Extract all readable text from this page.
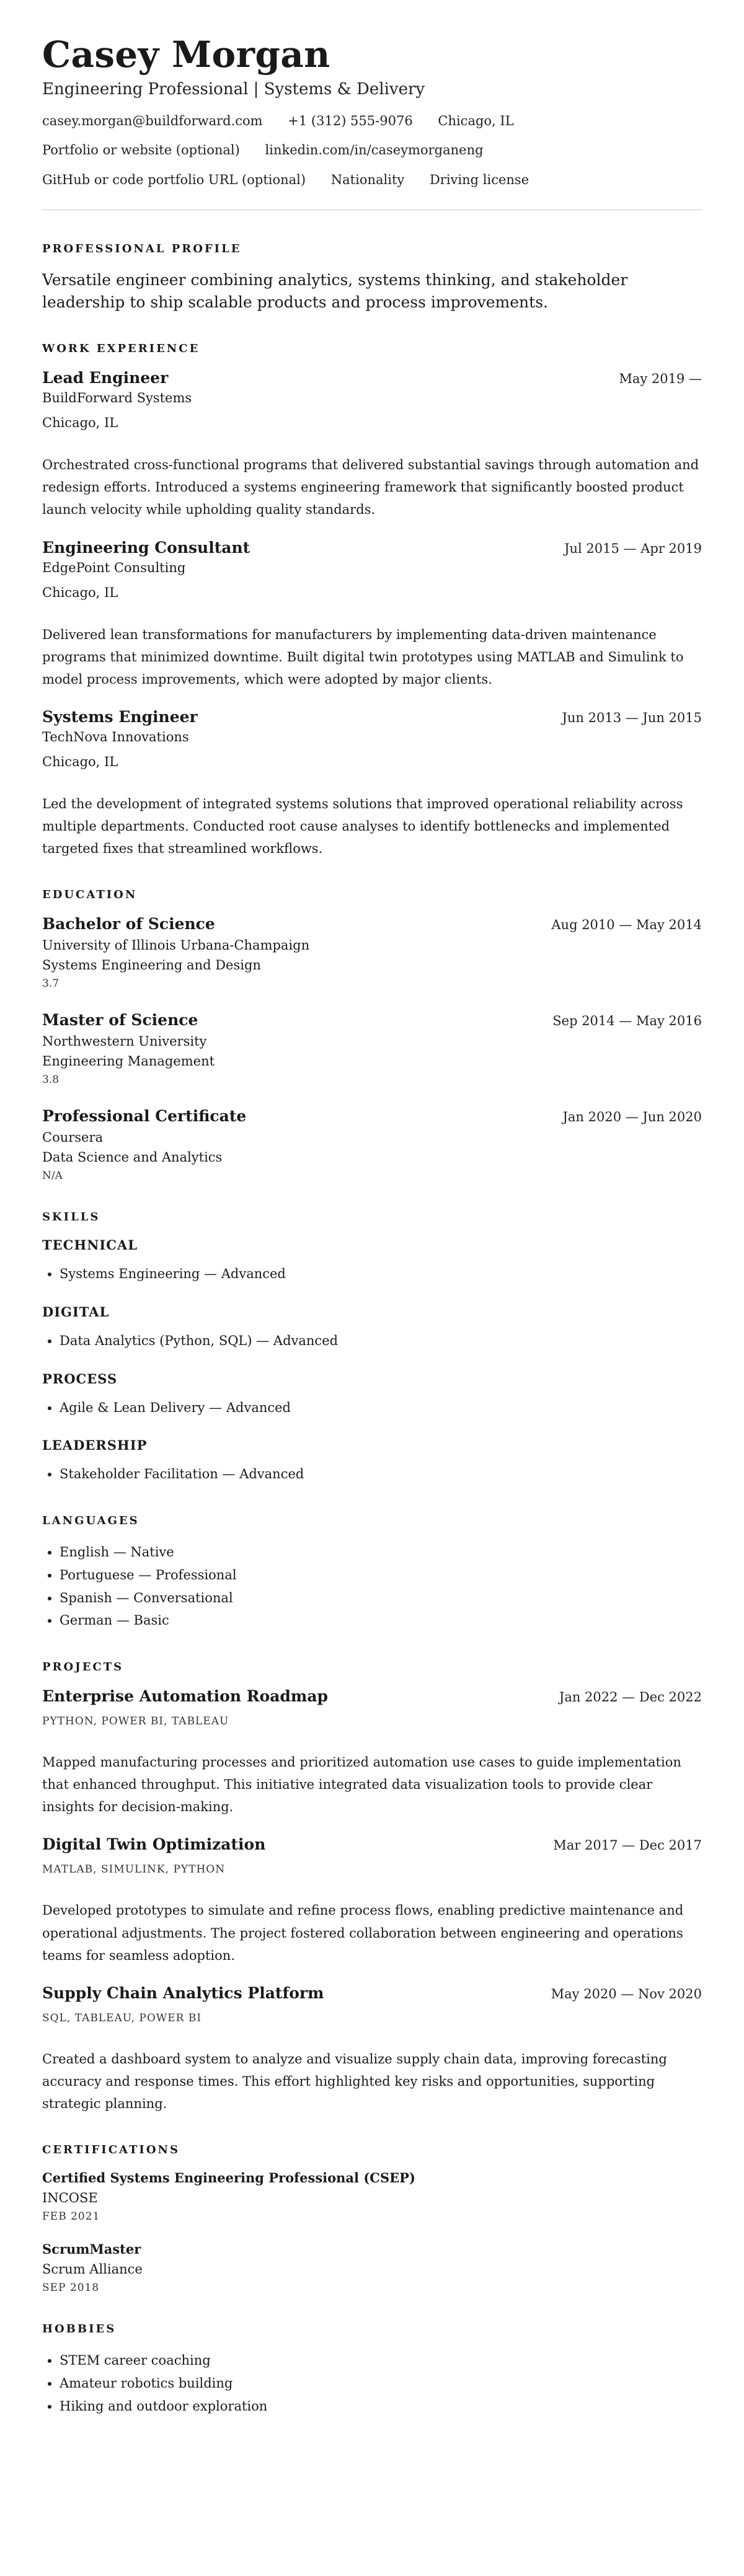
Casey Morgan
Engineering Professional | Systems & Delivery
casey.morgan@buildforward.com +1 (312) 555-9076 Chicago, IL
Portfolio or website (optional) linkedin.com/in/caseymorganeng
GitHub or code portfolio URL (optional) Nationality Driving license
PROFESSIONAL PROFILE

Versatile engineer combining analytics, systems thinking, and stakeholder leadership to ship scalable products and process improvements.

WORK EXPERIENCE
Lead Engineer	May 2019 —
BuildForward Systems
Chicago, IL
Orchestrated cross-functional programs that delivered substantial savings through automation and redesign efforts. Introduced a systems engineering framework that significantly boosted product launch velocity while upholding quality standards.
Engineering Consultant	Jul 2015 — Apr 2019
EdgePoint Consulting
Chicago, IL
Delivered lean transformations for manufacturers by implementing data-driven maintenance programs that minimized downtime. Built digital twin prototypes using MATLAB and Simulink to model process improvements, which were adopted by major clients.
Systems Engineer	Jun 2013 — Jun 2015
TechNova Innovations
Chicago, IL
Led the development of integrated systems solutions that improved operational reliability across multiple departments. Conducted root cause analyses to identify bottlenecks and implemented targeted fixes that streamlined workflows.
EDUCATION
Bachelor of Science	Aug 2010 — May 2014
University of Illinois Urbana-Champaign
Systems Engineering and Design
3.7
Master of Science	Sep 2014 — May 2016
Northwestern University
Engineering Management
3.8
Professional Certificate	Jan 2020 — Jun 2020
Coursera
Data Science and Analytics
N/A
SKILLS
TECHNICAL
• Systems Engineering — Advanced
DIGITAL
• Data Analytics (Python, SQL) — Advanced
PROCESS
• Agile & Lean Delivery — Advanced
LEADERSHIP
• Stakeholder Facilitation — Advanced
LANGUAGES
• English — Native
• Portuguese — Professional
• Spanish — Conversational
• German — Basic
PROJECTS
Enterprise Automation Roadmap	Jan 2022 — Dec 2022
PYTHON, POWER BI, TABLEAU
Mapped manufacturing processes and prioritized automation use cases to guide implementation that enhanced throughput. This initiative integrated data visualization tools to provide clear insights for decision-making.
Digital Twin Optimization	Mar 2017 — Dec 2017
MATLAB, SIMULINK, PYTHON
Developed prototypes to simulate and refine process flows, enabling predictive maintenance and operational adjustments. The project fostered collaboration between engineering and operations teams for seamless adoption.
Supply Chain Analytics Platform	May 2020 — Nov 2020
SQL, TABLEAU, POWER BI
Created a dashboard system to analyze and visualize supply chain data, improving forecasting accuracy and response times. This effort highlighted key risks and opportunities, supporting strategic planning.
CERTIFICATIONS
Certified Systems Engineering Professional (CSEP)
INCOSE
FEB 2021
ScrumMaster
Scrum Alliance
SEP 2018
HOBBIES
• STEM career coaching
• Amateur robotics building
• Hiking and outdoor exploration
